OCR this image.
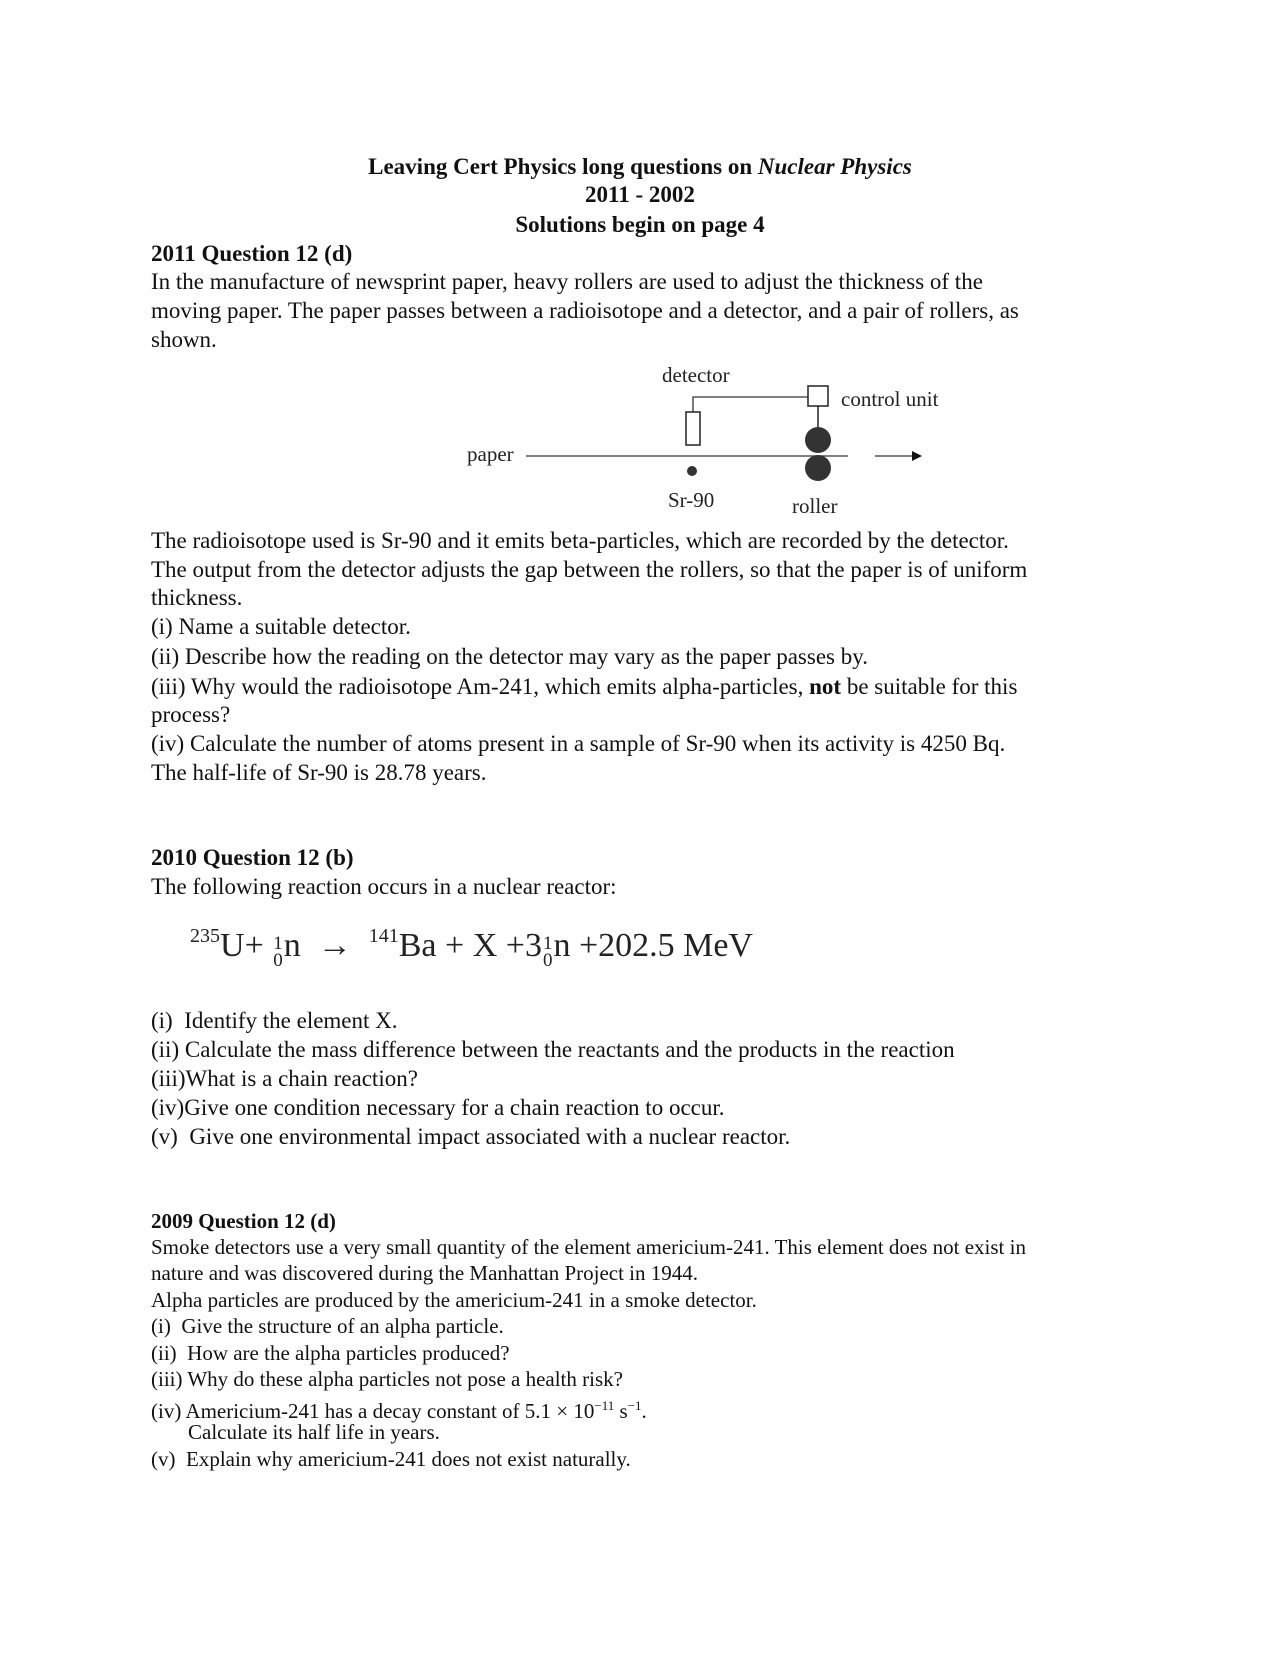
Leaving Cert Physics long questions on Nuclear Physics
2011 - 2002
Solutions begin on page 4
2011 Question 12 (d)
In the manufacture of newsprint paper, heavy rollers are used to adjust the thickness of the
moving paper. The paper passes between a radioisotope and a detector, and a pair of rollers, as
shown.
detector
control unit
paper
Sr-90	roller
The radioisotope used is Sr-90 and it emits beta-particles, which are recorded by the detector.
The output from the detector adjusts the gap between the rollers, so that the paper is of uniform
thickness.
(i) Name a suitable detector.
(ii) Describe how the reading on the detector may vary as the paper passes by.
(iii) Why would the radioisotope Am-241, which emits alpha-particles, not be suitable for this
process?
(iv) Calculate the number of atoms present in a sample of Sr-90 when its activity is 4250 Bq.
The half-life of Sr-90 is 28.78 years.
2010 Question 12 (b)
The following reaction occurs in a nuclear reactor:
$^{235}$U+ 1
0 n → $^{141}$Ba + X +3 1
0 n +202.5 MeV
(i)  Identify the element X.
(ii) Calculate the mass difference between the reactants and the products in the reaction
(iii)What is a chain reaction?
(iv)Give one condition necessary for a chain reaction to occur.
(v)  Give one environmental impact associated with a nuclear reactor.
2009 Question 12 (d)
Smoke detectors use a very small quantity of the element americium-241. This element does not exist in
nature and was discovered during the Manhattan Project in 1944.
Alpha particles are produced by the americium-241 in a smoke detector.
(i)  Give the structure of an alpha particle.
(ii)  How are the alpha particles produced?
(iii) Why do these alpha particles not pose a health risk?
(iv) Americium-241 has a decay constant of $5.1 \times 10^{-11}$ $s^{-1}$.
Calculate its half life in years.
(v)  Explain why americium-241 does not exist naturally.
